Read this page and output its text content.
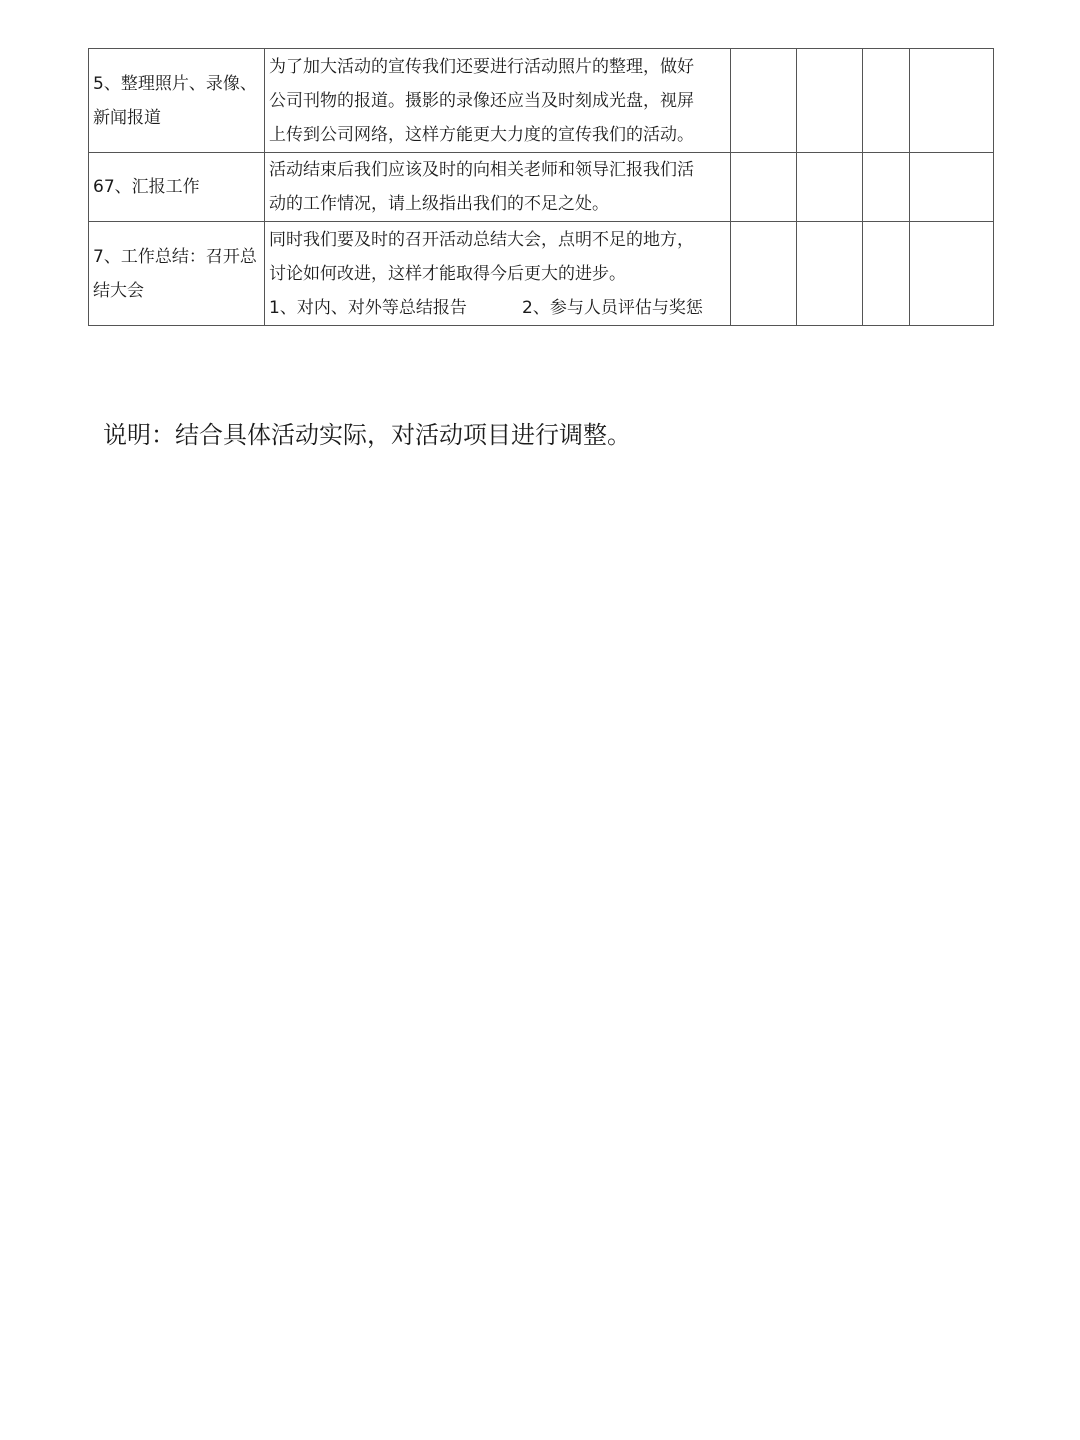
5、整理照片、录像、
新闻报道	为了加大活动的宣传我们还要进行活动照片的整理，做好
公司刊物的报道。摄影的录像还应当及时刻成光盘，视屏
上传到公司网络，这样方能更大力度的宣传我们的活动。				

67、汇报工作	活动结束后我们应该及时的向相关老师和领导汇报我们活
动的工作情况，请上级指出我们的不足之处。				

7、工作总结：召开总
结大会	同时我们要及时的召开活动总结大会，点明不足的地方，
讨论如何改进，这样才能取得今后更大的进步。
1、对内、对外等总结报告 2、参与人员评估与奖惩				

说明：结合具体活动实际，对活动项目进行调整。
